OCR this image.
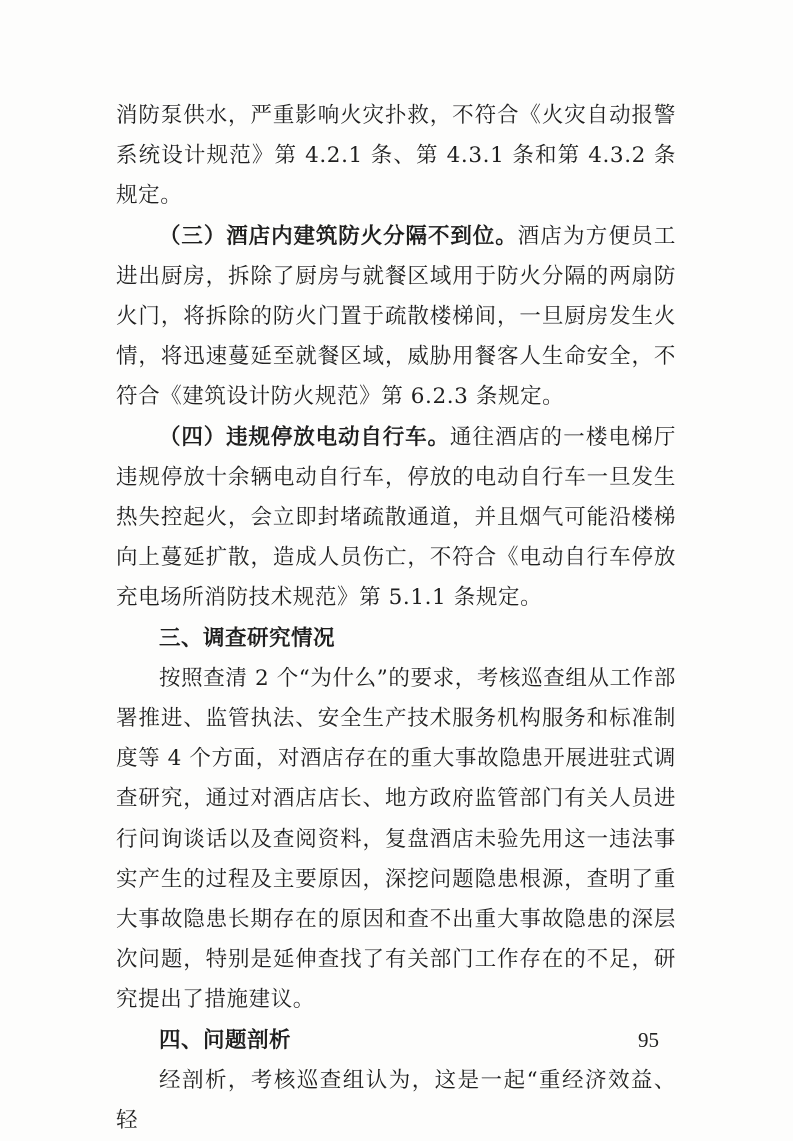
消防泵供水，严重影响火灾扑救，不符合《火灾自动报警系统设计规范》第 4.2.1 条、第 4.3.1 条和第 4.3.2 条规定。

（三）酒店内建筑防火分隔不到位。酒店为方便员工进出厨房，拆除了厨房与就餐区域用于防火分隔的两扇防火门，将拆除的防火门置于疏散楼梯间，一旦厨房发生火情，将迅速蔓延至就餐区域，威胁用餐客人生命安全，不符合《建筑设计防火规范》第 6.2.3 条规定。

（四）违规停放电动自行车。通往酒店的一楼电梯厅违规停放十余辆电动自行车，停放的电动自行车一旦发生热失控起火，会立即封堵疏散通道，并且烟气可能沿楼梯向上蔓延扩散，造成人员伤亡，不符合《电动自行车停放充电场所消防技术规范》第 5.1.1 条规定。

三、调查研究情况

按照查清 2 个“为什么”的要求，考核巡查组从工作部署推进、监管执法、安全生产技术服务机构服务和标准制度等 4 个方面，对酒店存在的重大事故隐患开展进驻式调查研究，通过对酒店店长、地方政府监管部门有关人员进行问询谈话以及查阅资料，复盘酒店未验先用这一违法事实产生的过程及主要原因，深挖问题隐患根源，查明了重大事故隐患长期存在的原因和查不出重大事故隐患的深层次问题，特别是延伸查找了有关部门工作存在的不足，研究提出了措施建议。

四、问题剖析

经剖析，考核巡查组认为，这是一起“重经济效益、轻

95
